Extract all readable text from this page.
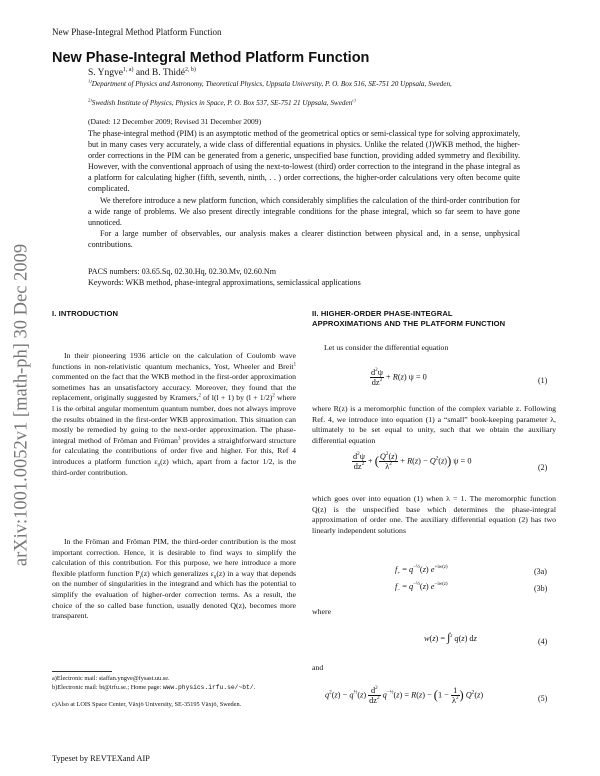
New Phase-Integral Method Platform Function
arXiv:1001.0052v1 [math-ph] 30 Dec 2009
New Phase-Integral Method Platform Function
S. Yngve$^{1, a)}$ and B. Thidé$^{2, b)}$
$^{1)}$Department of Physics and Astronomy, Theoretical Physics, Uppsala University, P. O. Box 516, SE-751 20 Uppsala, Sweden,
$^{2)}$Swedish Institute of Physics, Physics in Space, P. O. Box 537, SE-751 21 Uppsala, Sweden$^{c)}$
(Dated: 12 December 2009; Revised 31 December 2009)

The phase-integral method (PIM) is an asymptotic method of the geometrical optics or semi-classical type for solving approximately, but in many cases very accurately, a wide class of differential equations in physics. Unlike the related (J)WKB method, the higher-order corrections in the PIM can be generated from a generic, unspecified base function, providing added symmetry and flexibility. However, with the conventional approach of using the next-to-lowest (third) order correction to the integrand in the phase integral as a platform for calculating higher (fifth, seventh, ninth, . . ) order corrections, the higher-order calculations very often become quite complicated.

We therefore introduce a new platform function, which considerably simplifies the calculation of the third-order contribution for a wide range of problems. We also present directly integrable conditions for the phase integral, which so far seem to have gone unnoticed.

For a large number of observables, our analysis makes a clearer distinction between physical and, in a sense, unphysical contributions.

PACS numbers: 03.65.Sq, 02.30.Hq, 02.30.Mv, 02.60.Nm
Keywords: WKB method, phase-integral approximations, semiclassical applications
I. INTRODUCTION

In their pioneering 1936 article on the calculation of Coulomb wave functions in non-relativistic quantum mechanics, Yost, Wheeler and Breit$^1$ commented on the fact that the WKB method in the first-order approximation sometimes has an unsatisfactory accuracy. Moreover, they found that the replacement, originally suggested by Kramers,$^2$ of l(l + 1) by $(l + 1/2)^2$ where l is the orbital angular momentum quantum number, does not always improve the results obtained in the first-order WKB approximation. This situation can mostly be remedied by going to the next-order approximation. The phase-integral method of Fröman and Fröman$^3$ provides a straightforward structure for calculating the contributions of order five and higher. For this, Ref 4 introduces a platform function $\varepsilon_0(z)$ which, apart from a factor 1/2, is the third-order contribution.

In the Fröman and Fröman PIM, the third-order contribution is the most important correction. Hence, it is desirable to find ways to simplify the calculation of this contribution. For this purpose, we here introduce a more flexible platform function $P_t(z)$ which generalizes $\varepsilon_0(z)$ in a way that depends on the number of singularities in the integrand and which has the potential to simplify the evaluation of higher-order correction terms. As a result, the choice of the so called base function, usually denoted Q(z), becomes more transparent.

a)Electronic mail: staffan.yngve@fysast.uu.se.
b)Electronic mail: bt@irfu.se.; Home page: www.physics.irfu.se/~bt/.
c)Also at LOIS Space Center, Växjö University, SE-35195 Växjö, Sweden.
Typeset by REVTEXand AIP
II. HIGHER-ORDER PHASE-INTEGRAL
APPROXIMATIONS AND THE PLATFORM FUNCTION

Let us consider the differential equation

$\frac{d^2\psi}{dz^2} + R(z) \psi = 0$	(1)

where R(z) is a meromorphic function of the complex variable z. Following Ref. 4, we introduce into equation (1) a “small” book-keeping parameter λ, ultimately to be set equal to unity, such that we obtain the auxiliary differential equation

$\frac{d^2\psi}{dz^2}$ + ( $\frac{Q^2(z)}{\lambda^2} + R(z) - Q^2(z)$) ψ = 0
(2)

which goes over into equation (1) when λ = 1. The meromorphic function Q(z) is the unspecified base which determines the phase-integral approximation of order one. The auxiliary differential equation (2) has two linearly independent solutions

$f_+ = q^{-\frac{1}{2}}(z)$ $e^{+iw(z)}$	(3a)
$f_- = q^{-\frac{1}{2}}(z)$ $e^{-iw(z)}$	(3b)
where
w(z) = ∫$^z$ q(z) dz	(4)
and
$q^2(z) - q^{\frac{1}{2}}(z) \frac{d^2}{dz^2} q^{-\frac{1}{2}}(z) = R(z) - (1 - \frac{1}{\lambda^2}$ ) $Q^2(z)$	(5)
